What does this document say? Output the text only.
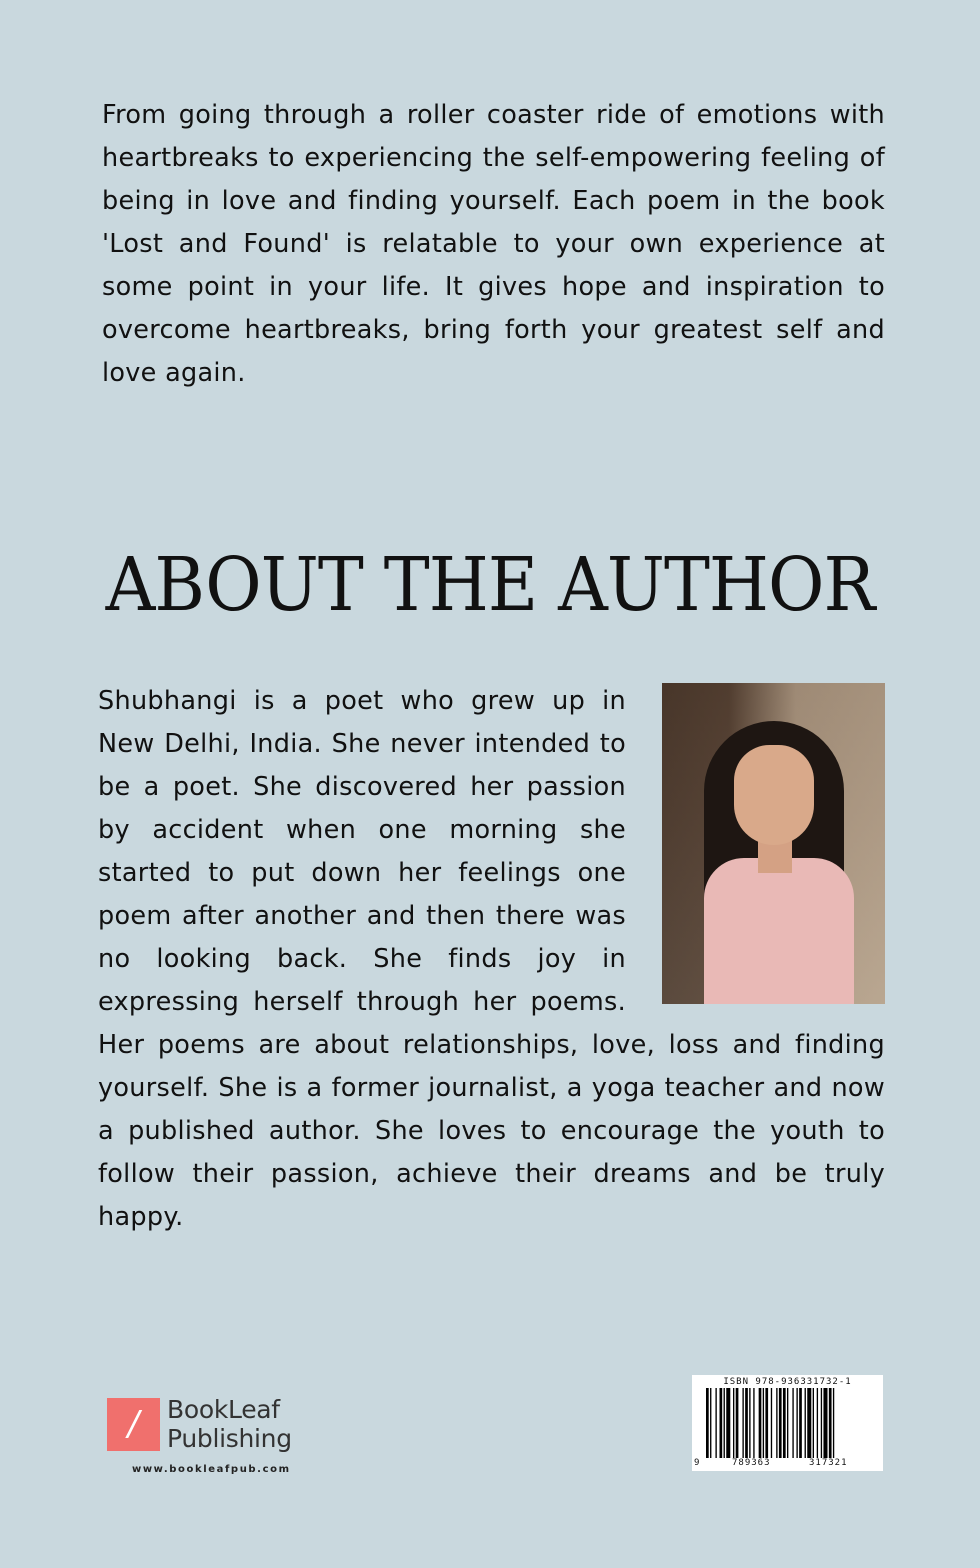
From going through a roller coaster ride of emotions with heartbreaks to experiencing the self-empowering feeling of being in love and finding yourself. Each poem in the book 'Lost and Found' is relatable to your own experience at some point in your life. It gives hope and inspiration to overcome heartbreaks, bring forth your greatest self and love again.

ABOUT THE AUTHOR
Shubhangi is a poet who grew up in New Delhi, India. She never intended to be a poet. She discovered her passion by accident when one morning she started to put down her feelings one poem after another and then there was no looking back. She finds joy in expressing herself through her poems. Her poems are about relationships, love, loss and finding yourself. She is a former journalist, a yoga teacher and now a published author. She loves to encourage the youth to follow their passion, achieve their dreams and be truly happy.
/	BookLeaf
Publishing
www.bookleafpub.com
ISBN 978-936331732-1
9	789363	317321
